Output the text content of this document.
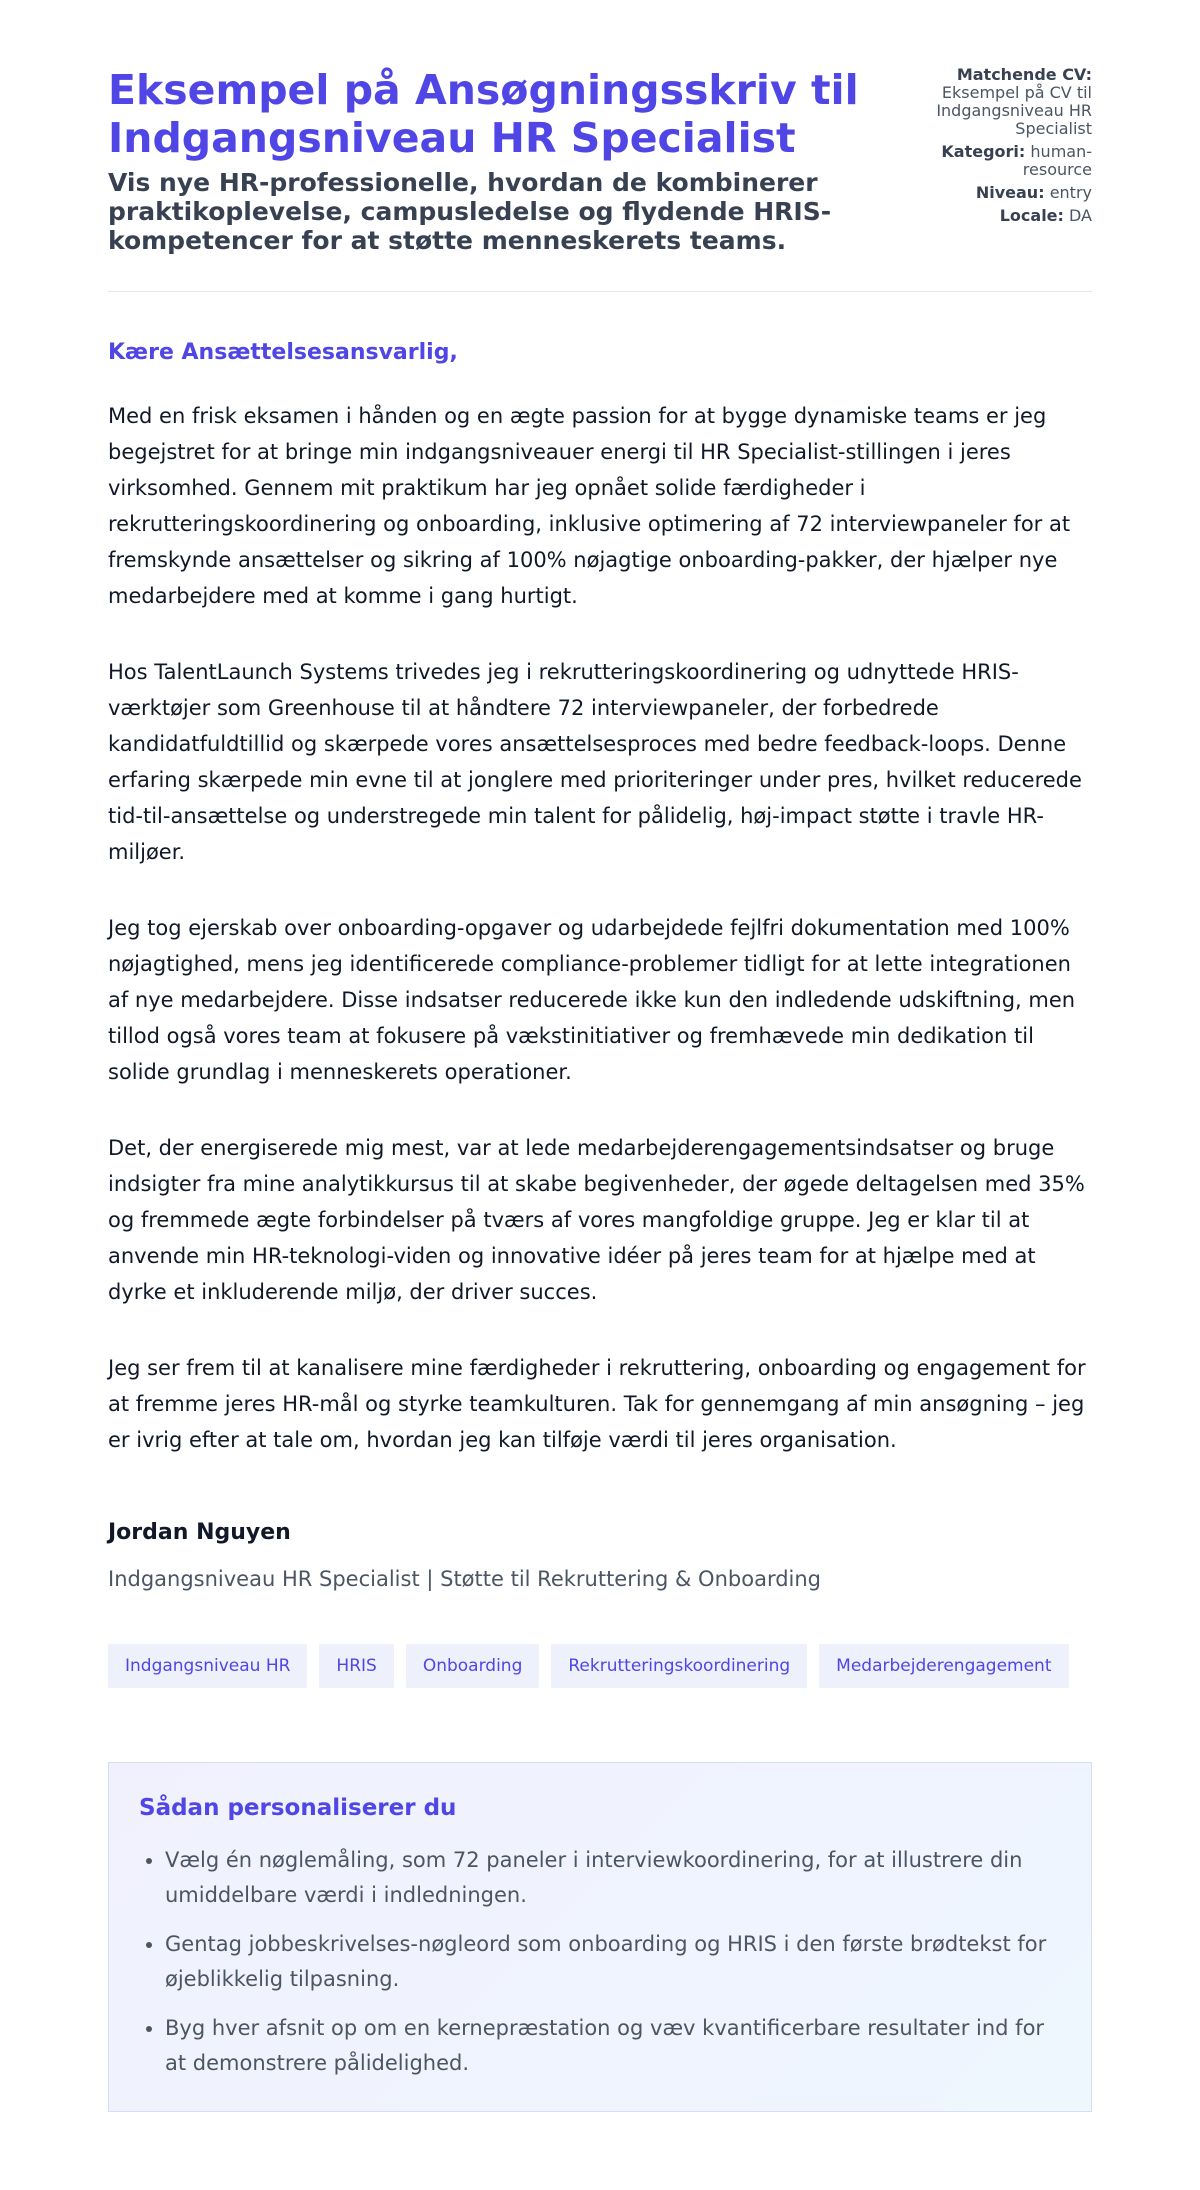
Eksempel på Ansøgningsskriv til Indgangsniveau HR Specialist
Vis nye HR-professionelle, hvordan de kombinerer praktikoplevelse, campusledelse og flydende HRIS-kompetencer for at støtte menneskerets teams.
Matchende CV:
Eksempel på CV til Indgangsniveau HR Specialist
Kategori: human-resource
Niveau: entry
Locale: DA

Kære Ansættelsesansvarlig,

Med en frisk eksamen i hånden og en ægte passion for at bygge dynamiske teams er jeg begejstret for at bringe min indgangsniveauer energi til HR Specialist-stillingen i jeres virksomhed. Gennem mit praktikum har jeg opnået solide færdigheder i rekrutteringskoordinering og onboarding, inklusive optimering af 72 interviewpaneler for at fremskynde ansættelser og sikring af 100% nøjagtige onboarding-pakker, der hjælper nye medarbejdere med at komme i gang hurtigt.

Hos TalentLaunch Systems trivedes jeg i rekrutteringskoordinering og udnyttede HRIS-værktøjer som Greenhouse til at håndtere 72 interviewpaneler, der forbedrede kandidatfuldtillid og skærpede vores ansættelsesproces med bedre feedback-loops. Denne erfaring skærpede min evne til at jonglere med prioriteringer under pres, hvilket reducerede tid-til-ansættelse og understregede min talent for pålidelig, høj-impact støtte i travle HR-miljøer.

Jeg tog ejerskab over onboarding-opgaver og udarbejdede fejlfri dokumentation med 100% nøjagtighed, mens jeg identificerede compliance-problemer tidligt for at lette integrationen af nye medarbejdere. Disse indsatser reducerede ikke kun den indledende udskiftning, men tillod også vores team at fokusere på vækstinitiativer og fremhævede min dedikation til solide grundlag i menneskerets operationer.

Det, der energiserede mig mest, var at lede medarbejderengagementsindsatser og bruge indsigter fra mine analytikkursus til at skabe begivenheder, der øgede deltagelsen med 35% og fremmede ægte forbindelser på tværs af vores mangfoldige gruppe. Jeg er klar til at anvende min HR-teknologi-viden og innovative idéer på jeres team for at hjælpe med at dyrke et inkluderende miljø, der driver succes.

Jeg ser frem til at kanalisere mine færdigheder i rekruttering, onboarding og engagement for at fremme jeres HR-mål og styrke teamkulturen. Tak for gennemgang af min ansøgning – jeg er ivrig efter at tale om, hvordan jeg kan tilføje værdi til jeres organisation.

Jordan Nguyen

Indgangsniveau HR Specialist | Støtte til Rekruttering & Onboarding

Indgangsniveau HR	HRIS	Onboarding	Rekrutteringskoordinering	Medarbejderengagement
Sådan personaliserer du
• Vælg én nøglemåling, som 72 paneler i interviewkoordinering, for at illustrere din umiddelbare værdi i indledningen.
• Gentag jobbeskrivelses-nøgleord som onboarding og HRIS i den første brødtekst for øjeblikkelig tilpasning.
• Byg hver afsnit op om en kernepræstation og væv kvantificerbare resultater ind for at demonstrere pålidelighed.
